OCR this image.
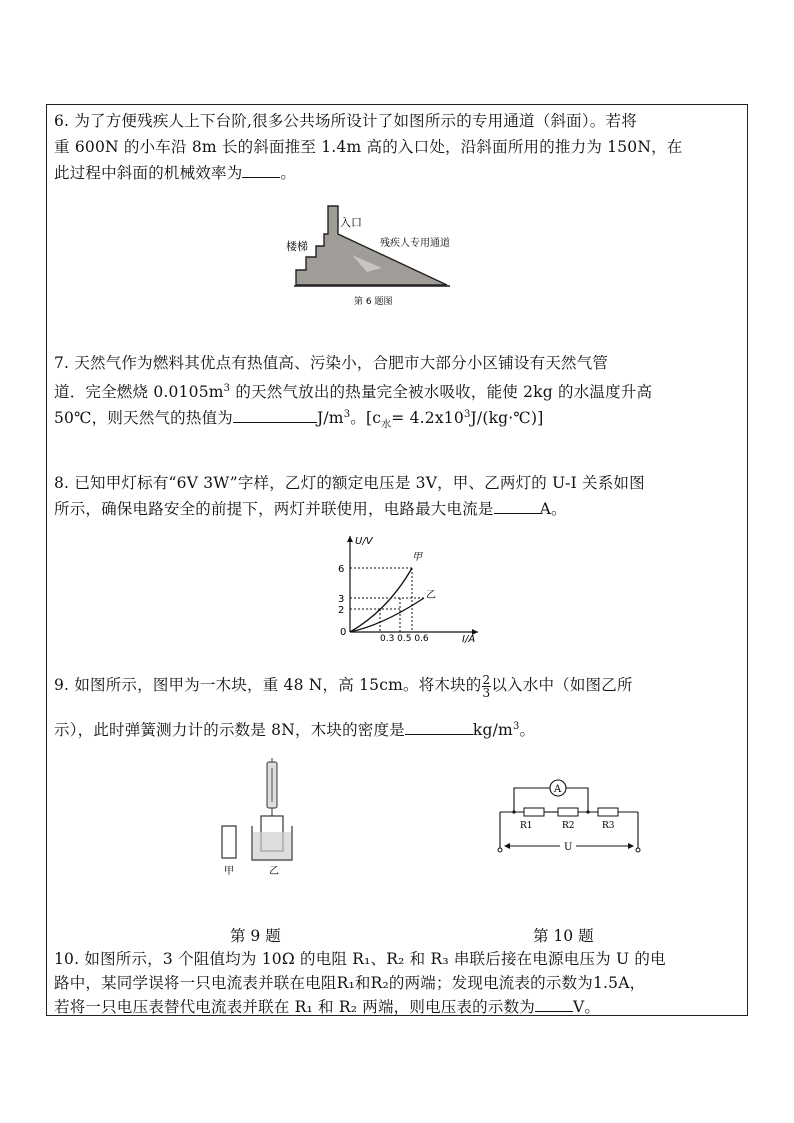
6. 为了方便残疾人上下台阶,很多公共场所设计了如图所示的专用通道（斜面）。若将

重 600N 的小车沿 8m 长的斜面推至 1.4m 高的入口处，沿斜面所用的推力为 150N，在

此过程中斜面的机械效率为 。

楼梯
入口
残疾人专用通道
第 6 题图

7. 天然气作为燃料其优点有热值高、污染小，合肥市大部分小区铺设有天然气管

道．完全燃烧 $0.0105m^3$ 的天然气放出的热量完全被水吸收，能使 2kg 的水温度升高

50℃，则天然气的热值为	$J/m^3$。[$c_水=$ $4.2x10^3J/(kg\cdot℃)$]

8. 已知甲灯标有“6V 3W”字样，乙灯的额定电压是 3V，甲、乙两灯的 U-I 关系如图

所示，确保电路安全的前提下，两灯并联使用，电路最大电流是	A。

U/V
I/A
6
3
2
0
0.3 0.5 0.6
甲
乙

9. 如图所示，图甲为一木块，重 48 N，高 15cm。将木块的 $\frac{2}{3}$ 以入水中（如图乙所

示），此时弹簧测力计的示数是 8N，木块的密度是	$kg/m^3$。

甲	乙
A
R1	R2	R3
U
第 9 题	第 10 题

10. 如图所示，3 个阻值均为 10Ω 的电阻 R₁、R₂ 和 R₃ 串联后接在电源电压为 U 的电

路中，某同学误将一只电流表并联在电阻R₁和R₂的两端；发现电流表的示数为1.5A，

若将一只电压表替代电流表并联在 R₁ 和 R₂ 两端，则电压表的示数为 V。
